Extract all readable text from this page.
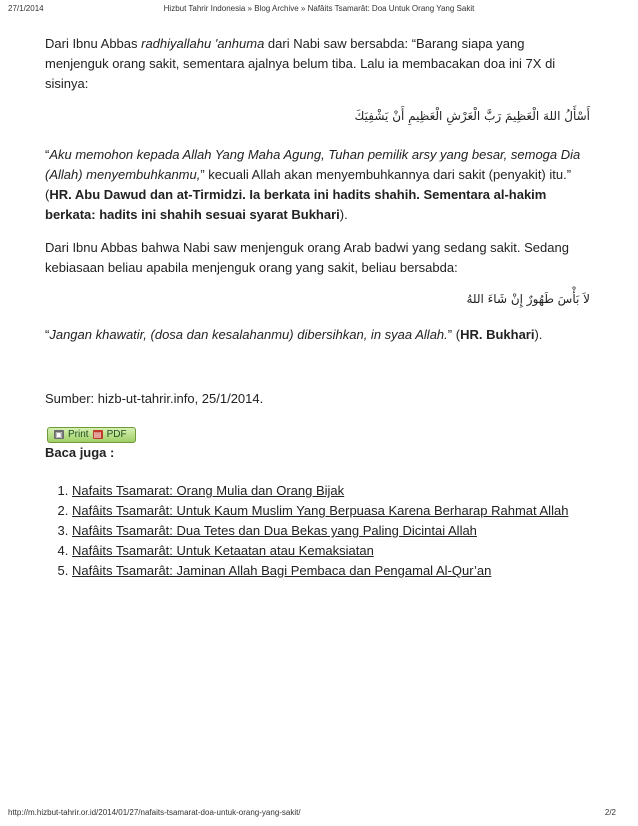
27/1/2014	Hizbut Tahrir Indonesia » Blog Archive » Nafâits Tsamarât: Doa Untuk Orang Yang Sakit

Dari Ibnu Abbas radhiyallahu 'anhuma dari Nabi saw bersabda: “Barang siapa yang menjenguk orang sakit, sementara ajalnya belum tiba. Lalu ia membacakan doa ini 7X di sisinya:

أَسْأَلُ اللهَ الْعَظِيمَ رَبَّ الْعَرْشِ الْعَظِيمِ أَنْ يَشْفِيَكَ

“Aku memohon kepada Allah Yang Maha Agung, Tuhan pemilik arsy yang besar, semoga Dia (Allah) menyembuhkanmu,” kecuali Allah akan menyembuhkannya dari sakit (penyakit) itu.” (HR. Abu Dawud dan at-Tirmidzi. Ia berkata ini hadits shahih. Sementara al-hakim berkata: hadits ini shahih sesuai syarat Bukhari).

Dari Ibnu Abbas bahwa Nabi saw menjenguk orang Arab badwi yang sedang sakit. Sedang kebiasaan beliau apabila menjenguk orang yang sakit, beliau bersabda:

لاَ بَأْسَ طَهُورٌ إِنْ شَاءَ اللهُ

“Jangan khawatir, (dosa dan kesalahanmu) dibersihkan, in syaa Allah.” (HR. Bukhari).

Sumber: hizb-ut-tahrir.info, 25/1/2014.

▣ Print ▤ PDF

Baca juga :

1. Nafaits Tsamarat: Orang Mulia dan Orang Bijak
2. Nafâits Tsamarât: Untuk Kaum Muslim Yang Berpuasa Karena Berharap Rahmat Allah
3. Nafâits Tsamarât: Dua Tetes dan Dua Bekas yang Paling Dicintai Allah
4. Nafâits Tsamarât: Untuk Ketaatan atau Kemaksiatan
5. Nafâits Tsamarât: Jaminan Allah Bagi Pembaca dan Pengamal Al-Qur’an
http://m.hizbut-tahrir.or.id/2014/01/27/nafaits-tsamarat-doa-untuk-orang-yang-sakit/	2/2
